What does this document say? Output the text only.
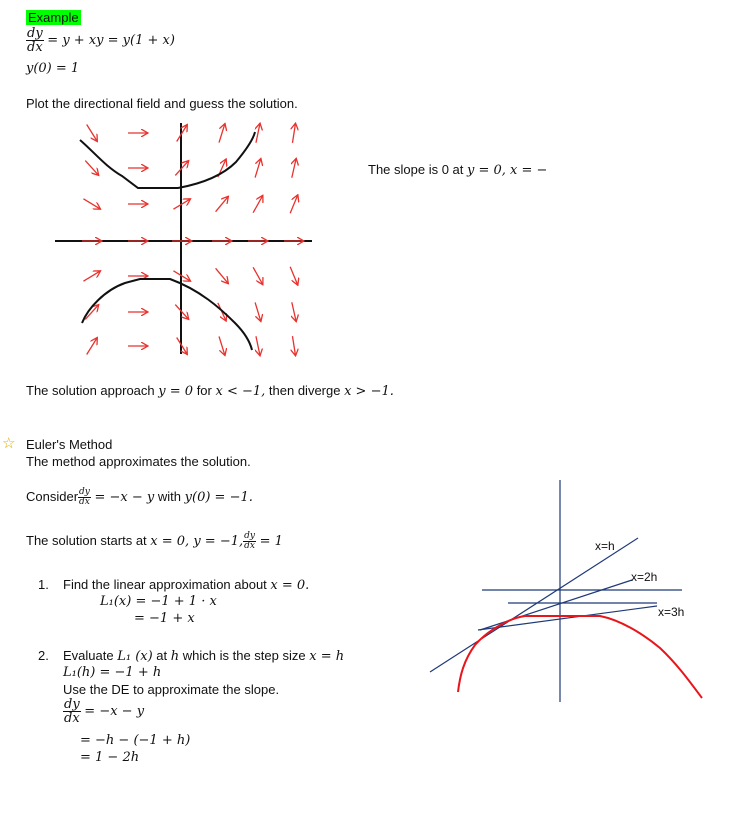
Example
$\frac{dy}{dx} = y$ + xy = y(1 + x)
y(0) = 1
Plot the directional field and guess the solution.
The slope is 0 at y = 0, x = −
The solution approach y = 0 for x < −1, then diverge x > −1.
☆ Euler's Method
The method approximates the solution.
Consider $\frac{dy}{dx} = -x - y$ with y(0) = −1.
The solution starts at x = 0, y = −1, $\frac{dy}{dx} = 1$
1. Find the linear approximation about x = 0.
L₁(x) = −1 + 1 · x
= −1 + x
2. Evaluate L₁ (x) at h which is the step size x = h
L₁(h) = −1 + h
Use the DE to approximate the slope.
$\frac{dy}{dx} = -x - y$
= −h − (−1 + h)
= 1 − 2h
x=h
x=2h
x=3h
